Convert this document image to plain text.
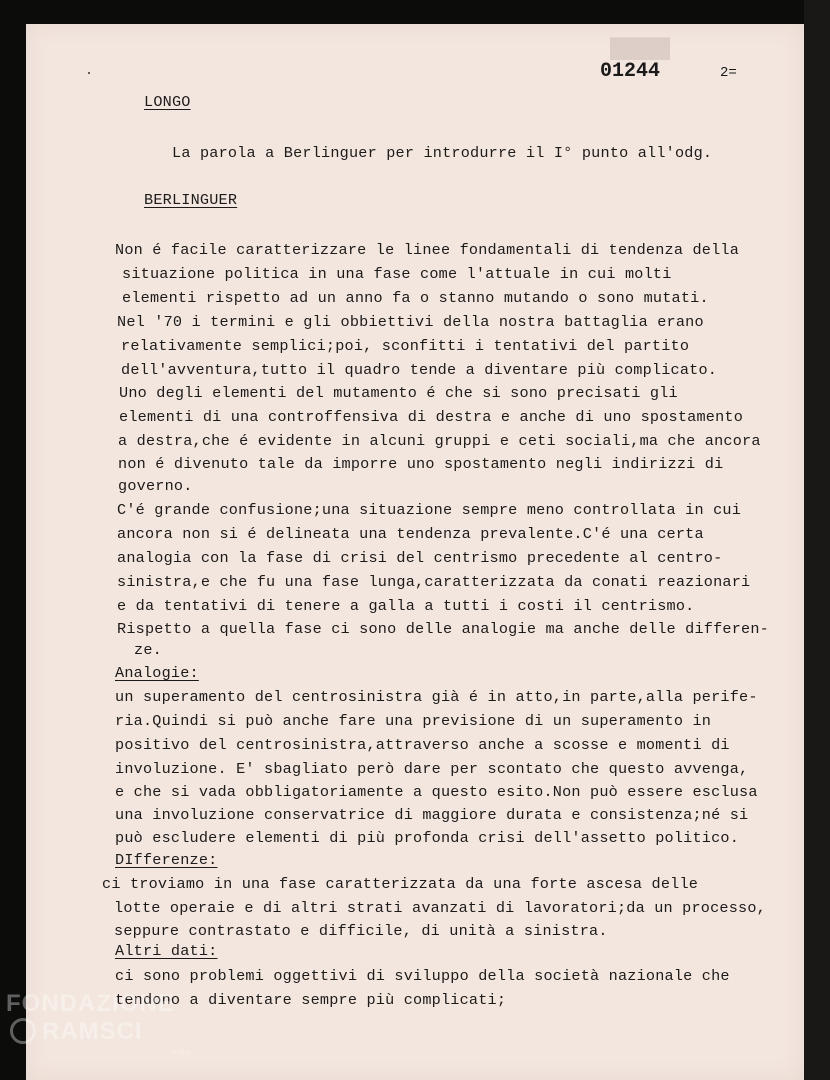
█████
01244	2=
LONGO
La parola a Berlinguer per introdurre il I° punto all'odg.
BERLINGUER
Non é facile caratterizzare le linee fondamentali di tendenza della
situazione politica in una fase come l'attuale in cui molti
elementi rispetto ad un anno fa o stanno mutando o sono mutati.
Nel '70 i termini e gli obbiettivi della nostra battaglia erano
relativamente semplici;poi, sconfitti i tentativi del partito
dell'avventura,tutto il quadro tende a diventare più complicato.
Uno degli elementi del mutamento é che si sono precisati gli
elementi di una controffensiva di destra e anche di uno spostamento
a destra,che é evidente in alcuni gruppi e ceti sociali,ma che ancora
non é divenuto tale da imporre uno spostamento negli indirizzi di
governo.
C'é grande confusione;una situazione sempre meno controllata in cui
ancora non si é delineata una tendenza prevalente.C'é una certa
analogia con la fase di crisi del centrismo precedente al centro-
sinistra,e che fu una fase lunga,caratterizzata da conati reazionari
e da tentativi di tenere a galla a tutti i costi il centrismo.
Rispetto a quella fase ci sono delle analogie ma anche delle differen-
ze.
Analogie:
un superamento del centrosinistra già é in atto,in parte,alla perife-
ria.Quindi si può anche fare una previsione di un superamento in
positivo del centrosinistra,attraverso anche a scosse e momenti di
involuzione. E' sbagliato però dare per scontato che questo avvenga,
e che si vada obbligatoriamente a questo esito.Non può essere esclusa
una involuzione conservatrice di maggiore durata e consistenza;né si
può escludere elementi di più profonda crisi dell'assetto politico.
DIfferenze:
ci troviamo in una fase caratterizzata da una forte ascesa delle
lotte operaie e di altri strati avanzati di lavoratori;da un processo,
seppure contrastato e difficile, di unità a sinistra.
Altri dati:
ci sono problemi oggettivi di sviluppo della società nazionale che
tendono a diventare sempre più complicati;
FONDAZIONE
RAMSCI
onlus
